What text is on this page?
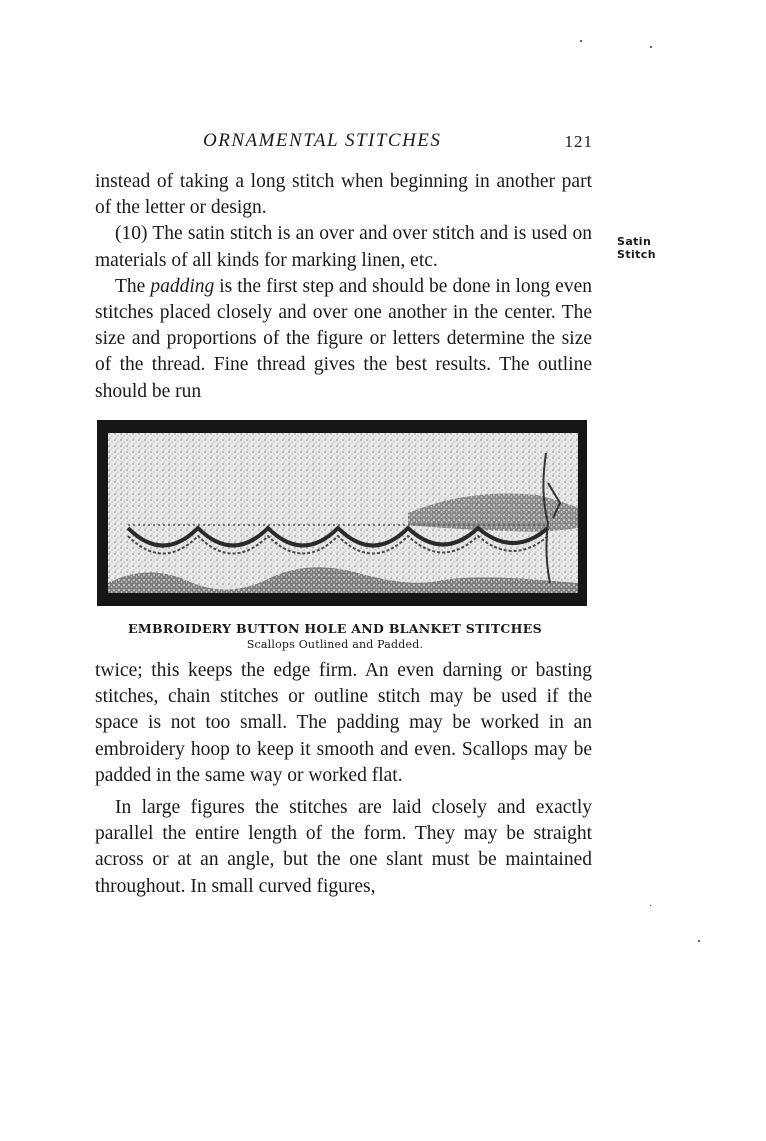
ORNAMENTAL STITCHES	121

instead of taking a long stitch when beginning in another part of the letter or design.

(10) The satin stitch is an over and over stitch and is used on materials of all kinds for marking linen, etc.

The padding is the first step and should be done in long even stitches placed closely and over one another in the center. The size and proportions of the figure or letters determine the size of the thread. Fine thread gives the best results. The outline should be run

Satin
Stitch
EMBROIDERY BUTTON HOLE AND BLANKET STITCHES
Scallops Outlined and Padded.

twice; this keeps the edge firm. An even darning or basting stitches, chain stitches or outline stitch may be used if the space is not too small. The padding may be worked in an embroidery hoop to keep it smooth and even. Scallops may be padded in the same way or worked flat.

In large figures the stitches are laid closely and exactly parallel the entire length of the form. They may be straight across or at an angle, but the one slant must be maintained throughout. In small curved figures,
